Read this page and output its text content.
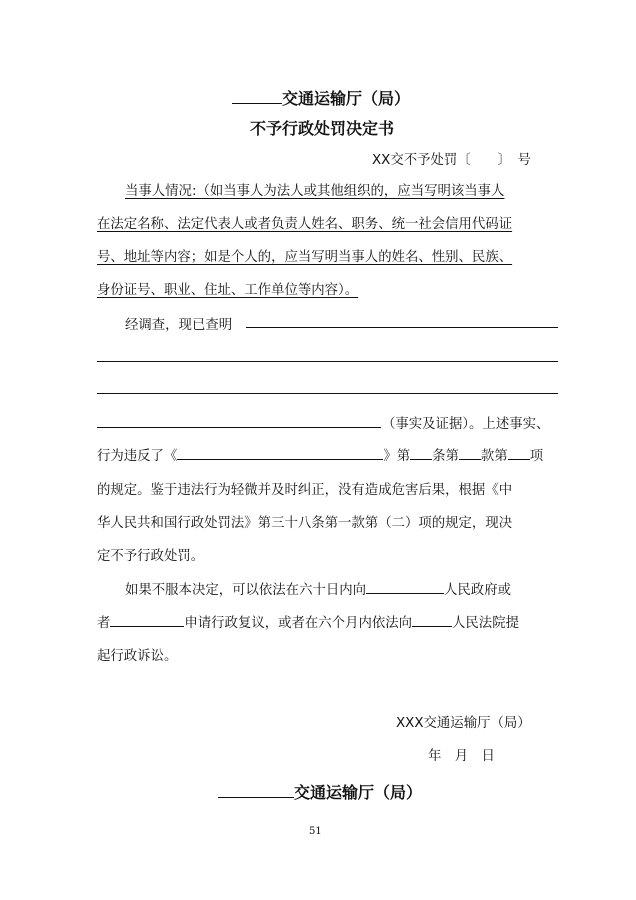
交通运输厅（局）
不予行政处罚决定书
XX交不予处罚〔　　〕　号
当事人情况:（如当事人为法人或其他组织的，应当写明该当事人
在法定名称、法定代表人或者负责人姓名、职务、统一社会信用代码证
号、地址等内容；如是个人的，应当写明当事人的姓名、性别、民族、
身份证号、职业、住址、工作单位等内容）。
经调查，现已查明
（事实及证据）。上述事实、
行为违反了《	》第 条第 款第 项
的规定。鉴于违法行为轻微并及时纠正，没有造成危害后果，根据《中
华人民共和国行政处罚法》第三十八条第一款第（二）项的规定，现决
定不予行政处罚。
如果不服本决定，可以依法在六十日内向	人民政府或
者	申请行政复议，或者在六个月内依法向	人民法院提
起行政诉讼。
XXX交通运输厅（局）
年　月　日
交通运输厅（局）
51
